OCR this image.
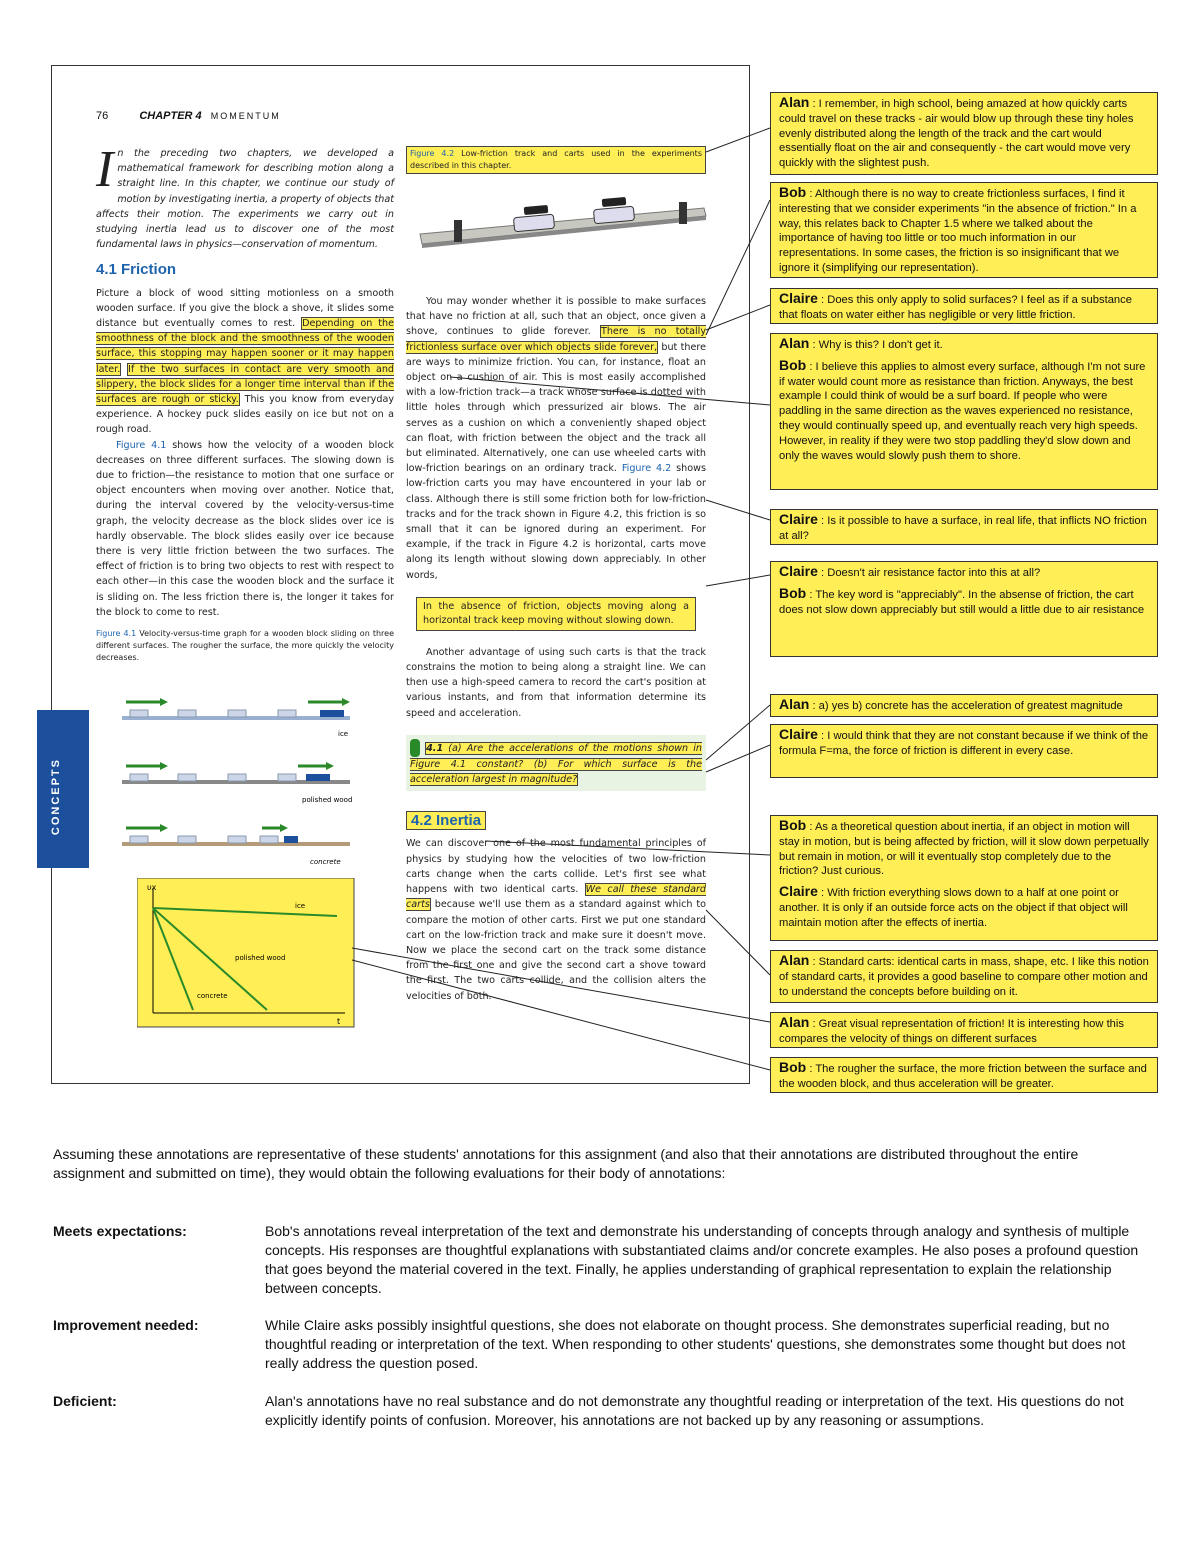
76	CHAPTER 4 MOMENTUM

In the preceding two chapters, we developed a mathematical framework for describing motion along a straight line. In this chapter, we continue our study of motion by investigating inertia, a property of objects that affects their motion. The experiments we carry out in studying inertia lead us to discover one of the most fundamental laws in physics—conservation of momentum.

4.1 Friction

Picture a block of wood sitting motionless on a smooth wooden surface. If you give the block a shove, it slides some distance but eventually comes to rest. Depending on the smoothness of the block and the smoothness of the wooden surface, this stopping may happen sooner or it may happen later. If the two surfaces in contact are very smooth and slippery, the block slides for a longer time interval than if the surfaces are rough or sticky. This you know from everyday experience. A hockey puck slides easily on ice but not on a rough road.

Figure 4.1 shows how the velocity of a wooden block decreases on three different surfaces. The slowing down is due to friction—the resistance to motion that one surface or object encounters when moving over another. Notice that, during the interval covered by the velocity-versus-time graph, the velocity decrease as the block slides over ice is hardly observable. The block slides easily over ice because there is very little friction between the two surfaces. The effect of friction is to bring two objects to rest with respect to each other—in this case the wooden block and the surface it is sliding on. The less friction there is, the longer it takes for the block to come to rest.

Figure 4.1 Velocity-versus-time graph for a wooden block sliding on three different surfaces. The rougher the surface, the more quickly the velocity decreases.

ice
polished wood
concrete
υx
t
ice
polished wood
concrete

Figure 4.2 Low-friction track and carts used in the experiments described in this chapter.

You may wonder whether it is possible to make surfaces that have no friction at all, such that an object, once given a shove, continues to glide forever. There is no totally frictionless surface over which objects slide forever, but there are ways to minimize friction. You can, for instance, float an object on a cushion of air. This is most easily accomplished with a low-friction track—a track whose surface is dotted with little holes through which pressurized air blows. The air serves as a cushion on which a conveniently shaped object can float, with friction between the object and the track all but eliminated. Alternatively, one can use wheeled carts with low-friction bearings on an ordinary track. Figure 4.2 shows low-friction carts you may have encountered in your lab or class. Although there is still some friction both for low-friction tracks and for the track shown in Figure 4.2, this friction is so small that it can be ignored during an experiment. For example, if the track in Figure 4.2 is horizontal, carts move along its length without slowing down appreciably. In other words,

In the absence of friction, objects moving along a horizontal track keep moving without slowing down.

Another advantage of using such carts is that the track constrains the motion to being along a straight line. We can then use a high-speed camera to record the cart's position at various instants, and from that information determine its speed and acceleration.

4.1 (a) Are the accelerations of the motions shown in Figure 4.1 constant? (b) For which surface is the acceleration largest in magnitude?
4.2 Inertia

We can discover one of the most fundamental principles of physics by studying how the velocities of two low-friction carts change when the carts collide. Let's first see what happens with two identical carts. We call these standard carts because we'll use them as a standard against which to compare the motion of other carts. First we put one standard cart on the low-friction track and make sure it doesn't move. Now we place the second cart on the track some distance from the first one and give the second cart a shove toward the first. The two carts collide, and the collision alters the velocities of both.

CONCEPTS

Alan : I remember, in high school, being amazed at how quickly carts could travel on these tracks - air would blow up through these tiny holes evenly distributed along the length of the track and the cart would essentially float on the air and consequently - the cart would move very quickly with the slightest push.

Bob : Although there is no way to create frictionless surfaces, I find it interesting that we consider experiments "in the absence of friction." In a way, this relates back to Chapter 1.5 where we talked about the importance of having too little or too much information in our representations. In some cases, the friction is so insignificant that we ignore it (simplifying our representation).

Claire : Does this only apply to solid surfaces? I feel as if a substance that floats on water either has negligible or very little friction.

Alan : Why is this? I don't get it.

Bob : I believe this applies to almost every surface, although I'm not sure if water would count more as resistance than friction. Anyways, the best example I could think of would be a surf board. If people who were paddling in the same direction as the waves experienced no resistance, they would continually speed up, and eventually reach very high speeds. However, in reality if they were two stop paddling they'd slow down and only the waves would slowly push them to shore.

Claire : Is it possible to have a surface, in real life, that inflicts NO friction at all?

Claire : Doesn't air resistance factor into this at all?

Bob : The key word is "appreciably". In the absense of friction, the cart does not slow down appreciably but still would a little due to air resistance

Alan : a) yes b) concrete has the acceleration of greatest magnitude

Claire : I would think that they are not constant because if we think of the formula F=ma, the force of friction is different in every case.

Bob : As a theoretical question about inertia, if an object in motion will stay in motion, but is being affected by friction, will it slow down perpetually but remain in motion, or will it eventually stop completely due to the friction? Just curious.

Claire : With friction everything slows down to a half at one point or another. It is only if an outside force acts on the object if that object will maintain motion after the effects of inertia.

Alan : Standard carts: identical carts in mass, shape, etc. I like this notion of standard carts, it provides a good baseline to compare other motion and to understand the concepts before building on it.

Alan : Great visual representation of friction! It is interesting how this compares the velocity of things on different surfaces

Bob : The rougher the surface, the more friction between the surface and the wooden block, and thus acceleration will be greater.

Assuming these annotations are representative of these students' annotations for this assignment (and also that their annotations are distributed throughout the entire assignment and submitted on time), they would obtain the following evaluations for their body of annotations:
Meets expectations:	Bob's annotations reveal interpretation of the text and demonstrate his understanding of concepts through analogy and synthesis of multiple concepts. His responses are thoughtful explanations with substantiated claims and/or concrete examples. He also poses a profound question that goes beyond the material covered in the text. Finally, he applies understanding of graphical representation to explain the relationship between concepts.
Improvement needed:	While Claire asks possibly insightful questions, she does not elaborate on thought process. She demonstrates superficial reading, but no thoughtful reading or interpretation of the text. When responding to other students' questions, she demonstrates some thought but does not really address the question posed.
Deficient:	Alan's annotations have no real substance and do not demonstrate any thoughtful reading or interpretation of the text. His questions do not explicitly identify points of confusion. Moreover, his annotations are not backed up by any reasoning or assumptions.
